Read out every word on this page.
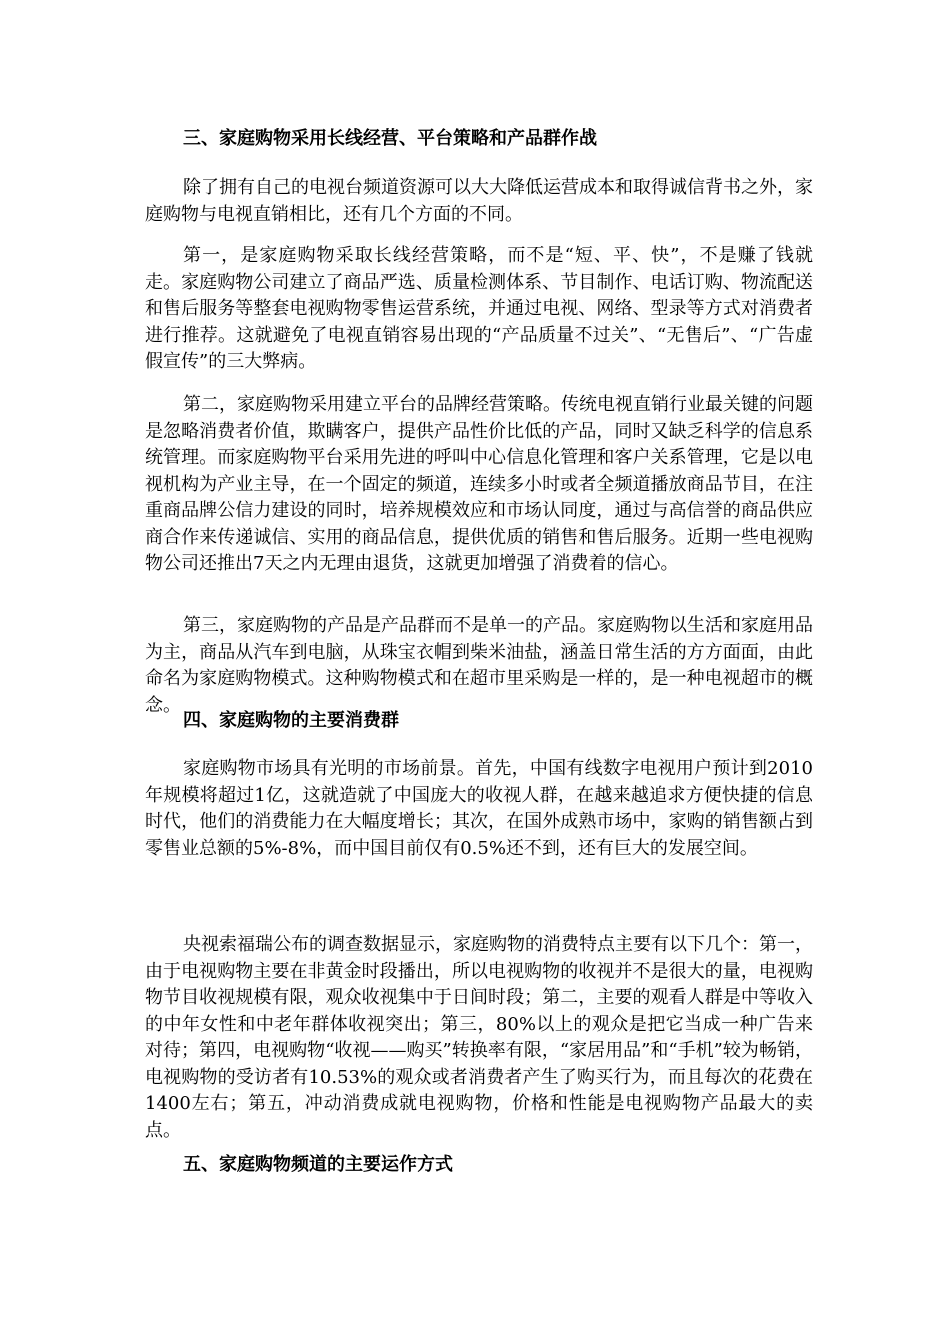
三、家庭购物采用长线经营、平台策略和产品群作战

除了拥有自己的电视台频道资源可以大大降低运营成本和取得诚信背书之外，家庭购物与电视直销相比，还有几个方面的不同。

第一，是家庭购物采取长线经营策略，而不是“短、平、快”，不是赚了钱就走。家庭购物公司建立了商品严选、质量检测体系、节目制作、电话订购、物流配送和售后服务等整套电视购物零售运营系统，并通过电视、网络、型录等方式对消费者进行推荐。这就避免了电视直销容易出现的“产品质量不过关”、“无售后”、“广告虚假宣传”的三大弊病。

第二，家庭购物采用建立平台的品牌经营策略。传统电视直销行业最关键的问题是忽略消费者价值，欺瞒客户，提供产品性价比低的产品，同时又缺乏科学的信息系统管理。而家庭购物平台采用先进的呼叫中心信息化管理和客户关系管理，它是以电视机构为产业主导，在一个固定的频道，连续多小时或者全频道播放商品节目，在注重商品牌公信力建设的同时，培养规模效应和市场认同度，通过与高信誉的商品供应商合作来传递诚信、实用的商品信息，提供优质的销售和售后服务。近期一些电视购物公司还推出7天之内无理由退货，这就更加增强了消费着的信心。

第三，家庭购物的产品是产品群而不是单一的产品。家庭购物以生活和家庭用品为主，商品从汽车到电脑，从珠宝衣帽到柴米油盐，涵盖日常生活的方方面面，由此命名为家庭购物模式。这种购物模式和在超市里采购是一样的，是一种电视超市的概念。

四、家庭购物的主要消费群

家庭购物市场具有光明的市场前景。首先，中国有线数字电视用户预计到2010年规模将超过1亿，这就造就了中国庞大的收视人群，在越来越追求方便快捷的信息时代，他们的消费能力在大幅度增长；其次，在国外成熟市场中，家购的销售额占到零售业总额的5%-8%，而中国目前仅有0.5%还不到，还有巨大的发展空间。

央视索福瑞公布的调查数据显示，家庭购物的消费特点主要有以下几个：第一，由于电视购物主要在非黄金时段播出，所以电视购物的收视并不是很大的量，电视购物节目收视规模有限，观众收视集中于日间时段；第二，主要的观看人群是中等收入的中年女性和中老年群体收视突出；第三，80%以上的观众是把它当成一种广告来对待；第四，电视购物“收视——购买”转换率有限，“家居用品”和“手机”较为畅销，电视购物的受访者有10.53%的观众或者消费者产生了购买行为，而且每次的花费在1400左右；第五，冲动消费成就电视购物，价格和性能是电视购物产品最大的卖点。

五、家庭购物频道的主要运作方式
